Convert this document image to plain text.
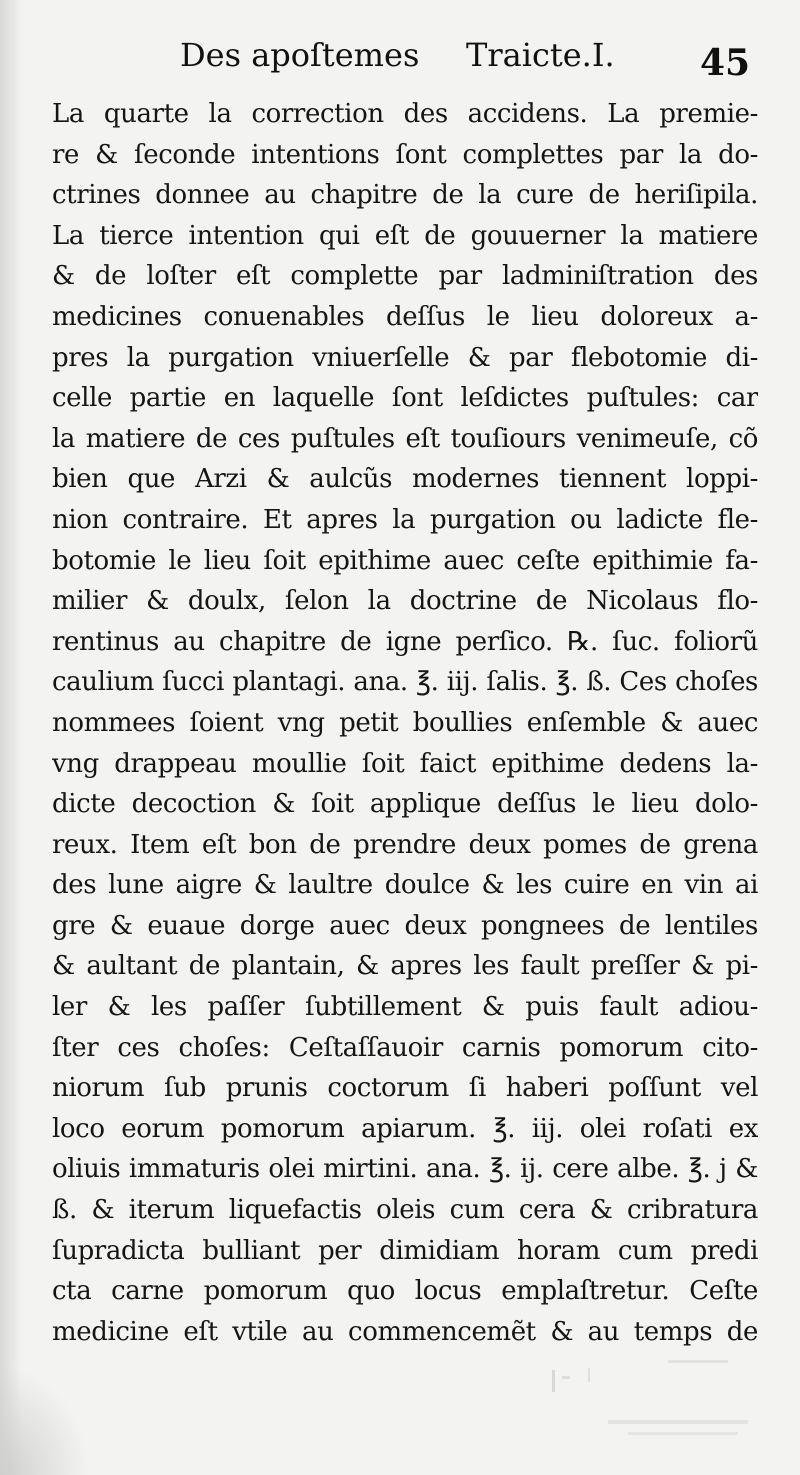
Des apoſtemes Traicte.I. 45
La quarte la correction des accidens. La premie-
re & ſeconde intentions ſont complettes par la do-
ctrines donnee au chapitre de la cure de heriſipila.
La tierce intention qui eſt de gouuerner la matiere
& de loſter eſt complette par ladminiſtration des
medicines conuenables deſſus le lieu doloreux a-
pres la purgation vniuerſelle & par flebotomie di-
celle partie en laquelle ſont leſdictes puſtules: car
la matiere de ces puſtules eſt touſiours venimeuſe, cõ
bien que Arzi & aulcũs modernes tiennent loppi-
nion contraire. Et apres la purgation ou ladicte fle-
botomie le lieu ſoit epithime auec ceſte epithimie fa-
milier & doulx, ſelon la doctrine de Nicolaus flo-
rentinus au chapitre de igne perſico. ℞. ſuc. foliorũ
caulium ſucci plantagi. ana. ℥. iij. ſalis. ℥. ß. Ces choſes
nommees ſoient vng petit boullies enſemble & auec
vng drappeau moullie ſoit faict epithime dedens la-
dicte decoction & ſoit applique deſſus le lieu dolo-
reux. Item eſt bon de prendre deux pomes de grena
des lune aigre & laultre doulce & les cuire en vin ai
gre & euaue dorge auec deux pongnees de lentiles
& aultant de plantain, & apres les fault preſſer & pi-
ler & les paſſer ſubtillement & puis fault adiou-
ſter ces choſes: Ceſtaſſauoir carnis pomorum cito-
niorum ſub prunis coctorum ſi haberi poſſunt vel
loco eorum pomorum apiarum. ℥. iij. olei roſati ex
oliuis immaturis olei mirtini. ana. ℥. ij. cere albe. ℥. j &
ß. & iterum liquefactis oleis cum cera & cribratura
ſupradicta bulliant per dimidiam horam cum predi
cta carne pomorum quo locus emplaſtretur. Ceſte
medicine eſt vtile au commencemẽt & au temps de
